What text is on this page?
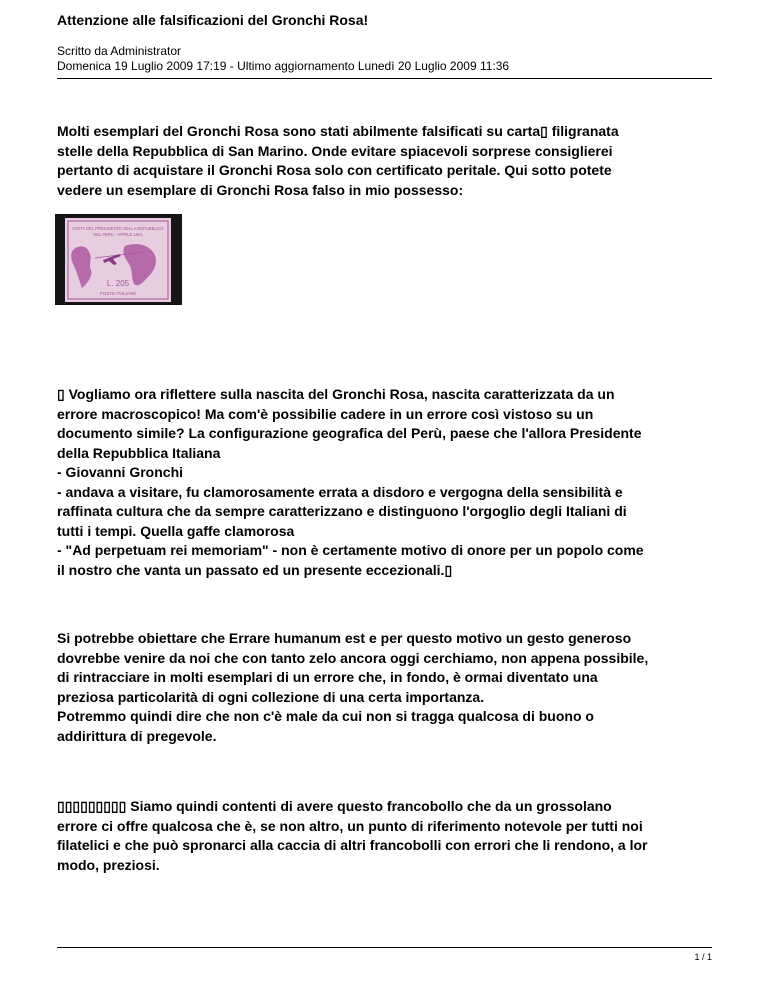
Attenzione alle falsificazioni del Gronchi Rosa!
Scritto da Administrator
Domenica 19 Luglio 2009 17:19 - Ultimo aggiornamento Lunedì 20 Luglio 2009 11:36
Molti esemplari del Gronchi Rosa sono stati abilmente falsificati su carta▯ filigranata
stelle della Repubblica di San Marino. Onde evitare spiacevoli sorprese consiglierei
pertanto di acquistare il Gronchi Rosa solo con certificato peritale. Qui sotto potete
vedere un esemplare di Gronchi Rosa falso in mio possesso:
VISITA DEL PRESIDENTE DELLA REPUBBLICA
NEL PERU - APRILE 1961
L. 205
POSTE ITALIANE
▯ Vogliamo ora riflettere sulla nascita del Gronchi Rosa, nascita caratterizzata da un
errore macroscopico! Ma com'è possibilie cadere in un errore così vistoso su un
documento simile? La configurazione geografica del Perù, paese che l'allora Presidente
della Repubblica Italiana
- Giovanni Gronchi
- andava a visitare, fu clamorosamente errata a disdoro e vergogna della sensibilità e
raffinata cultura che da sempre caratterizzano e distinguono l'orgoglio degli Italiani di
tutti i tempi. Quella gaffe clamorosa
- "Ad perpetuam rei memoriam" - non è certamente motivo di onore per un popolo come
il nostro che vanta un passato ed un presente eccezionali.▯
Si potrebbe obiettare che Errare humanum est e per questo motivo un gesto generoso
dovrebbe venire da noi che con tanto zelo ancora oggi cerchiamo, non appena possibile,
di rintracciare in molti esemplari di un errore che, in fondo, è ormai diventato una
preziosa particolarità di ogni collezione di una certa importanza.
Potremmo quindi dire che non c'è male da cui non si tragga qualcosa di buono o
addirittura di pregevole.
▯▯▯▯▯▯▯▯▯ Siamo quindi contenti di avere questo francobollo che da un grossolano
errore ci offre qualcosa che è, se non altro, un punto di riferimento notevole per tutti noi
filatelici e che può spronarci alla caccia di altri francobolli con errori che li rendono, a lor
modo, preziosi.
1 / 1
